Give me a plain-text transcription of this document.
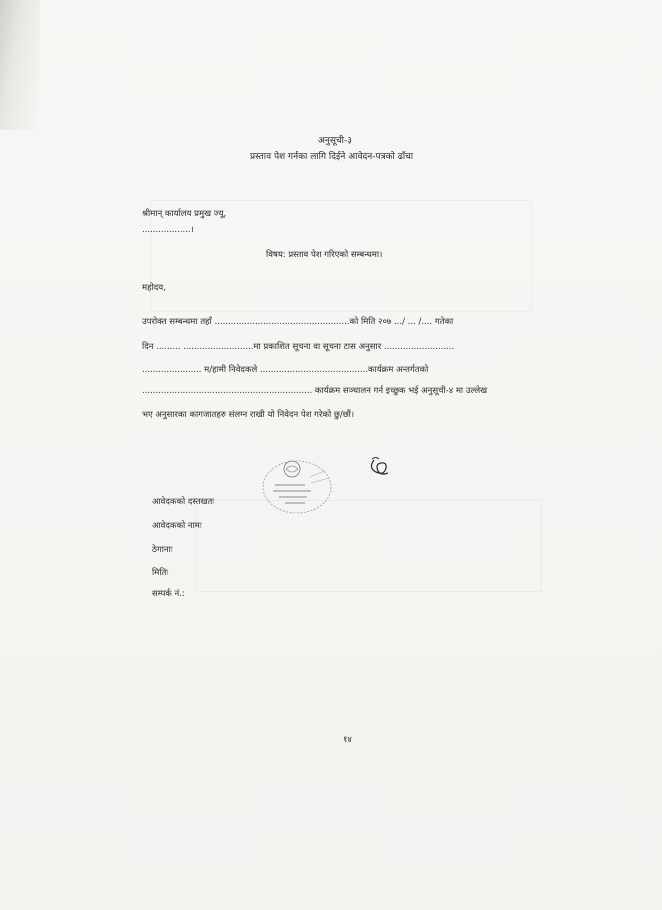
अनुसूची-३
प्रस्ताव पेश गर्नका लागि दिईने आवेदन-पत्रको ढाँचा
श्रीमान् कार्यालय प्रमुख ज्यू,
..................।
विषय: प्रस्ताव पेश गरिएको सम्बन्धमा।
महोदय,
उपरोक्त सम्बन्धमा तहाँ ..................................................को मिति २०७ .../ ... /.... गतेका
दिन ......... ..........................मा प्रकाशित सूचना वा सूचना टास अनुसार ..........................
...................... म/हामी निवेदकले ........................................कार्यक्रम अन्तर्गतको
............................................................... कार्यक्रम सञ्चालन गर्न इच्छुक भई अनुसूची-४ मा उल्लेख
भए अनुसारका कागजातहरु संलग्न राखी यो निवेदन पेश गरेको छु/छौं।
आवेदकको दस्तखतः
आवेदकको नामः
ठेगानाः
मितिः
सम्पर्क नं.:
१४
